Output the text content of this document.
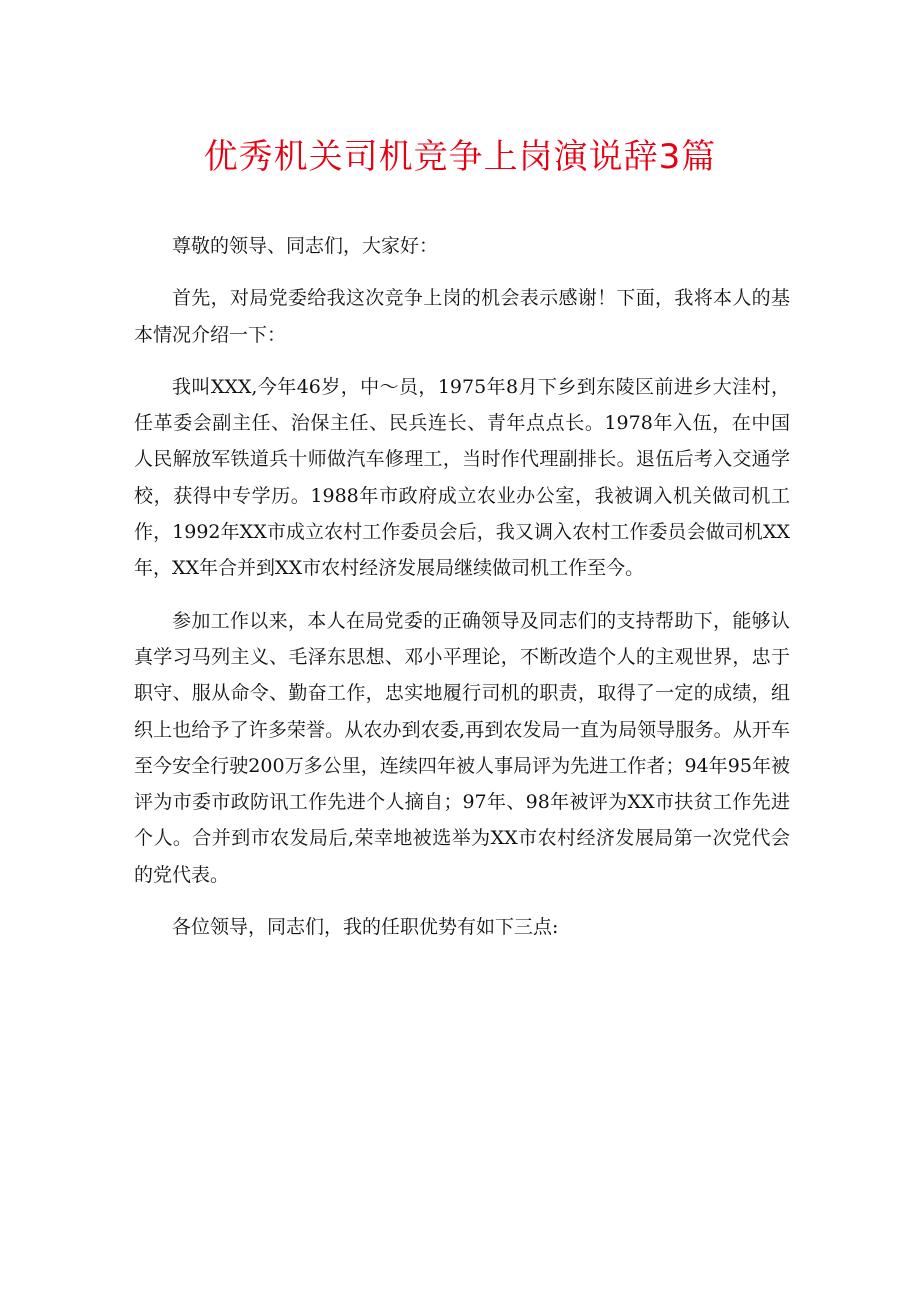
优秀机关司机竞争上岗演说辞3篇

尊敬的领导、同志们，大家好：

首先，对局党委给我这次竞争上岗的机会表示感谢！下面，我将本人的基本情况介绍一下：

我叫XXX,今年46岁，中～员，1975年8月下乡到东陵区前进乡大洼村，任革委会副主任、治保主任、民兵连长、青年点点长。1978年入伍，在中国人民解放军铁道兵十师做汽车修理工，当时作代理副排长。退伍后考入交通学校，获得中专学历。1988年市政府成立农业办公室，我被调入机关做司机工作，1992年XX市成立农村工作委员会后，我又调入农村工作委员会做司机XX年，XX年合并到XX市农村经济发展局继续做司机工作至今。

参加工作以来，本人在局党委的正确领导及同志们的支持帮助下，能够认真学习马列主义、毛泽东思想、邓小平理论，不断改造个人的主观世界，忠于职守、服从命令、勤奋工作，忠实地履行司机的职责，取得了一定的成绩，组织上也给予了许多荣誉。从农办到农委,再到农发局一直为局领导服务。从开车至今安全行驶200万多公里，连续四年被人事局评为先进工作者；94年95年被评为市委市政防讯工作先进个人摘自；97年、98年被评为XX市扶贫工作先进个人。合并到市农发局后,荣幸地被选举为XX市农村经济发展局第一次党代会的党代表。

各位领导，同志们，我的任职优势有如下三点:
